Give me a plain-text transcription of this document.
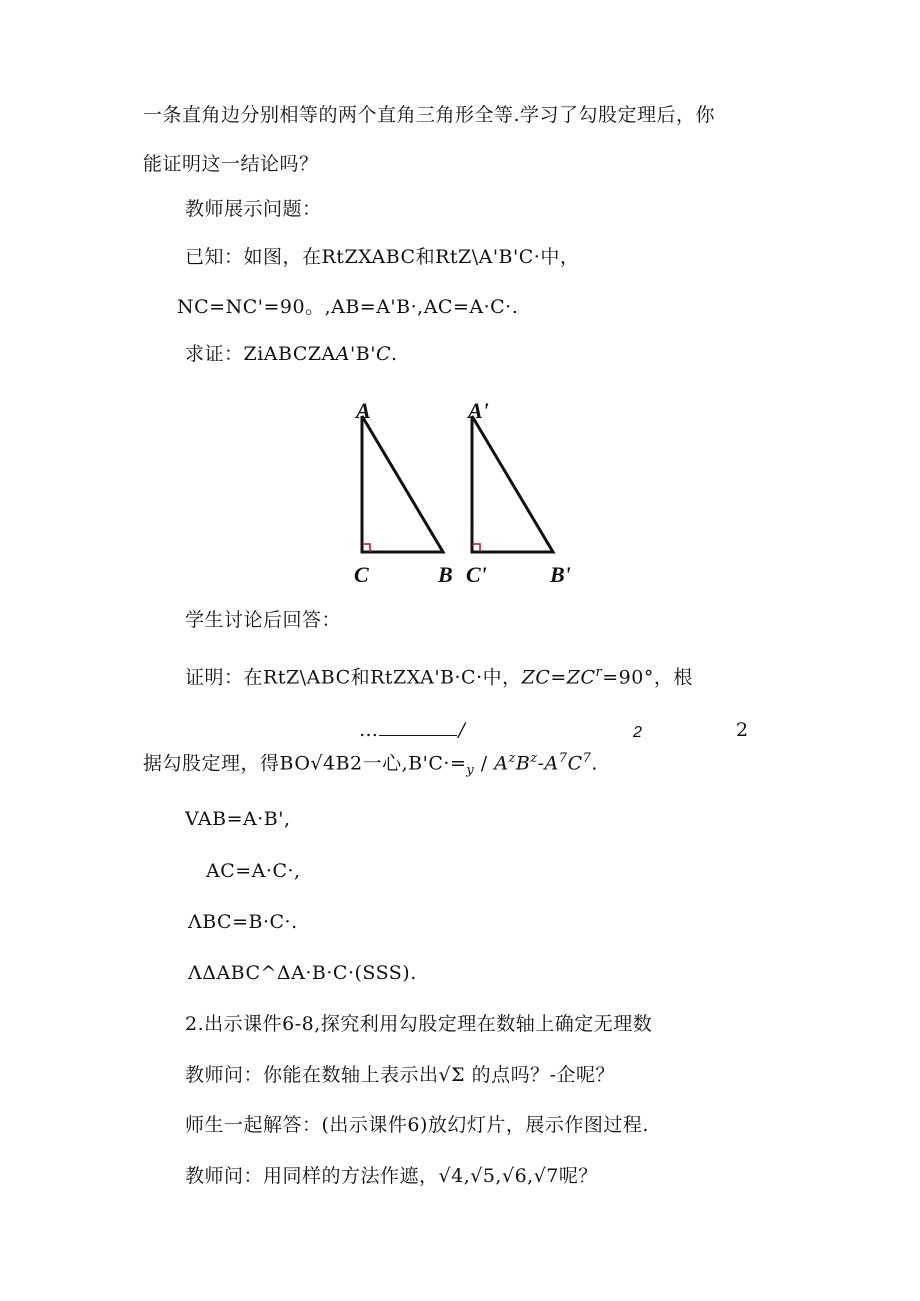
一条直角边分别相等的两个直角三角形全等.学习了勾股定理后，你
能证明这一结论吗？
教师展示问题：
已知：如图，在RtZXABC和RtZ\A'B'C·中，
NC=NC'=90。,AB=A'B·,AC=A·C·.
求证：ZiABCZAA'B'C.
A
C	B
A'
C'	B'
学生讨论后回答：
证明：在RtZ\ABC和RtZXA'B·C·中，$ZC=ZC^r=90^\circ$，根
…	/	2	2
据勾股定理，得BO√4B2一心$,B'C\cdot=_y / A^zB^z-A^7C^7$.
VAB=A·B',
AC=A·C·,
ΛBC=B·C·.
ΛΔABC^ΔA·B·C·(SSS).
2.出示课件6-8,探究利用勾股定理在数轴上确定无理数
教师问：你能在数轴上表示出√Σ 的点吗？-企呢？
师生一起解答：(出示课件6)放幻灯片，展示作图过程.
教师问：用同样的方法作遮，√4,√5,√6,√7呢？
